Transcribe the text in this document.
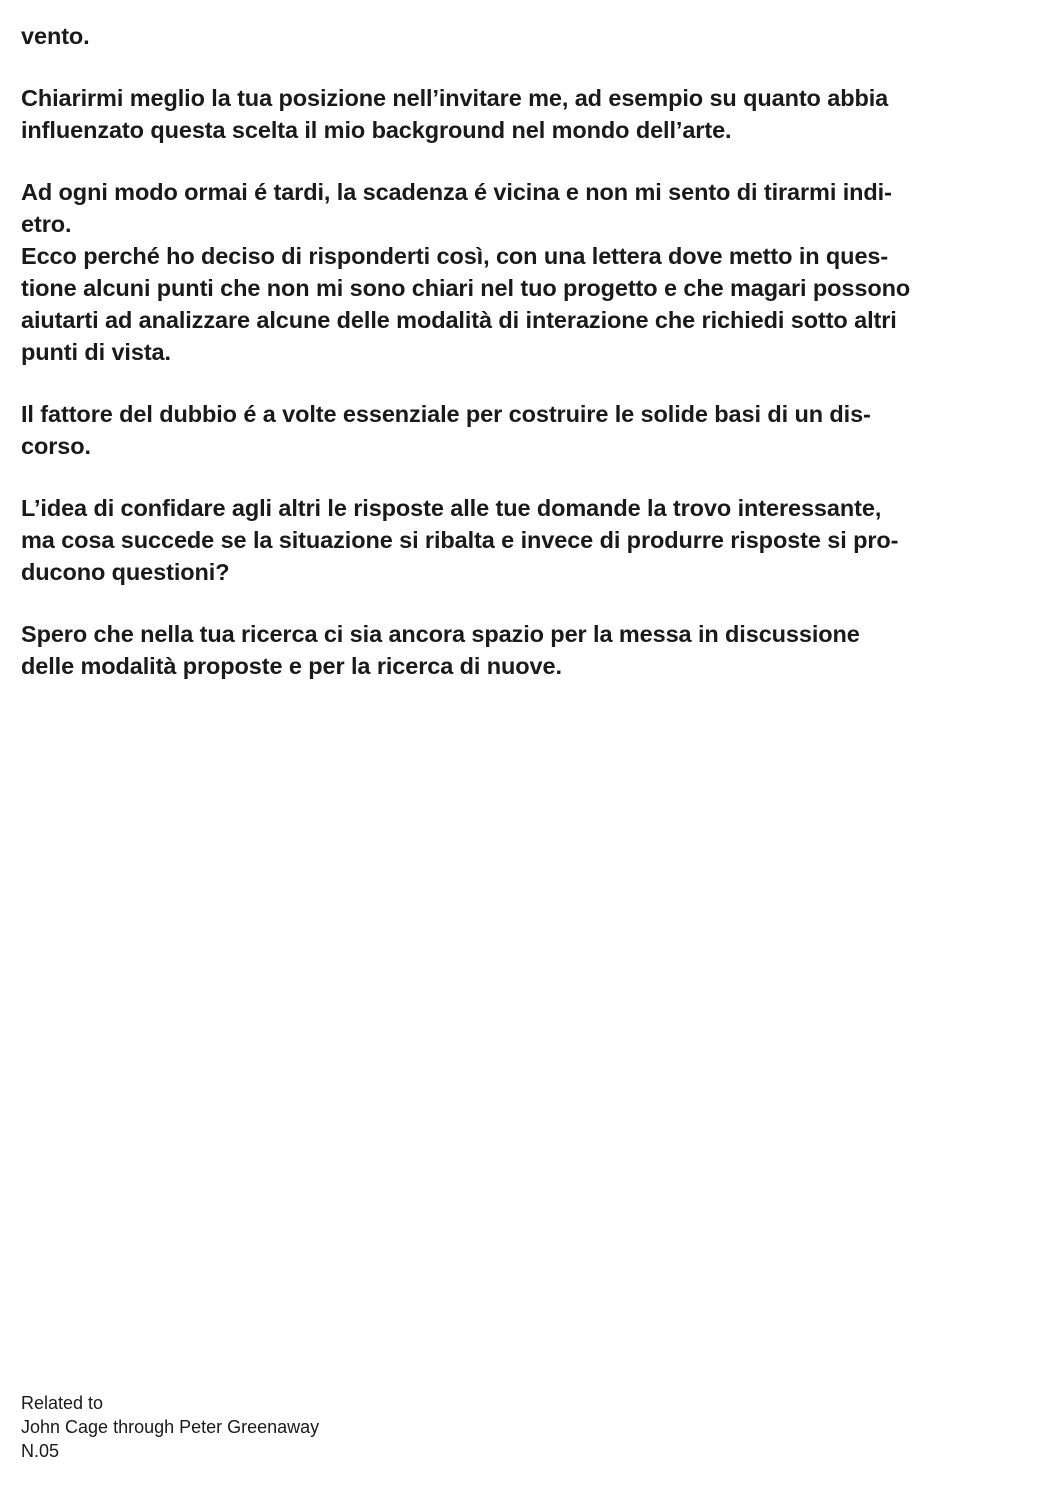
vento.

Chiarirmi meglio la tua posizione nell’invitare me, ad esempio su quanto abbia
influenzato questa scelta il mio background nel mondo dell’arte.

Ad ogni modo ormai é tardi, la scadenza é vicina e non mi sento di tirarmi indi-
etro.
Ecco perché ho deciso di risponderti così, con una lettera dove metto in ques-
tione alcuni punti che non mi sono chiari nel tuo progetto e che magari possono
aiutarti ad analizzare alcune delle modalità di interazione che richiedi sotto altri
punti di vista.

Il fattore del dubbio é a volte essenziale per costruire le solide basi di un dis-
corso.

L’idea di confidare agli altri le risposte alle tue domande la trovo interessante,
ma cosa succede se la situazione si ribalta e invece di produrre risposte si pro-
ducono questioni?

Spero che nella tua ricerca ci sia ancora spazio per la messa in discussione
delle modalità proposte e per la ricerca di nuove.

Related to
John Cage through Peter Greenaway
N.05
